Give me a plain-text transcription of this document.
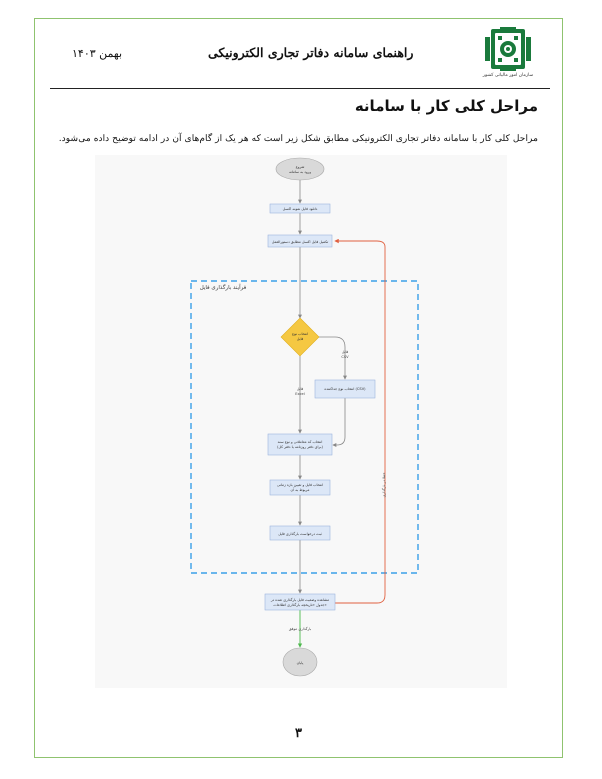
بهمن ۱۴۰۳	راهنمای سامانه دفاتر تجاری الکترونیکی
سازمان امور مالیاتی کشور
مراحل کلی کار با سامانه
مراحل کلی کار با سامانه دفاتر تجاری الکترونیکی مطابق شکل زیر است که هر یک از گام‌های آن در ادامه توضیح داده می‌شود.
فرآیند بارگذاری فایل
فایل
CSV
فایل
Excel
خطا در بارگذاری
بارگذاری موفق
شروع
ورود به سامانه
دانلود فایل نمونه اکسل
تکمیل فایل اکسل مطابق دستورالعمل
انتخاب نوع
فایل
انتخاب نوع جداکننده (CSV)
انتخاب کد معاملاتی و نوع سند
(برای دفتر روزنامه یا دفتر کل)
انتخاب فایل و تعیین بازه زمانی
مربوط به آن
ثبت درخواست بارگذاری فایل
مشاهده وضعیت فایل بارگذاری شده در
جدول «تاریخچه بارگذاری اطلاعات»
پایان
۳
